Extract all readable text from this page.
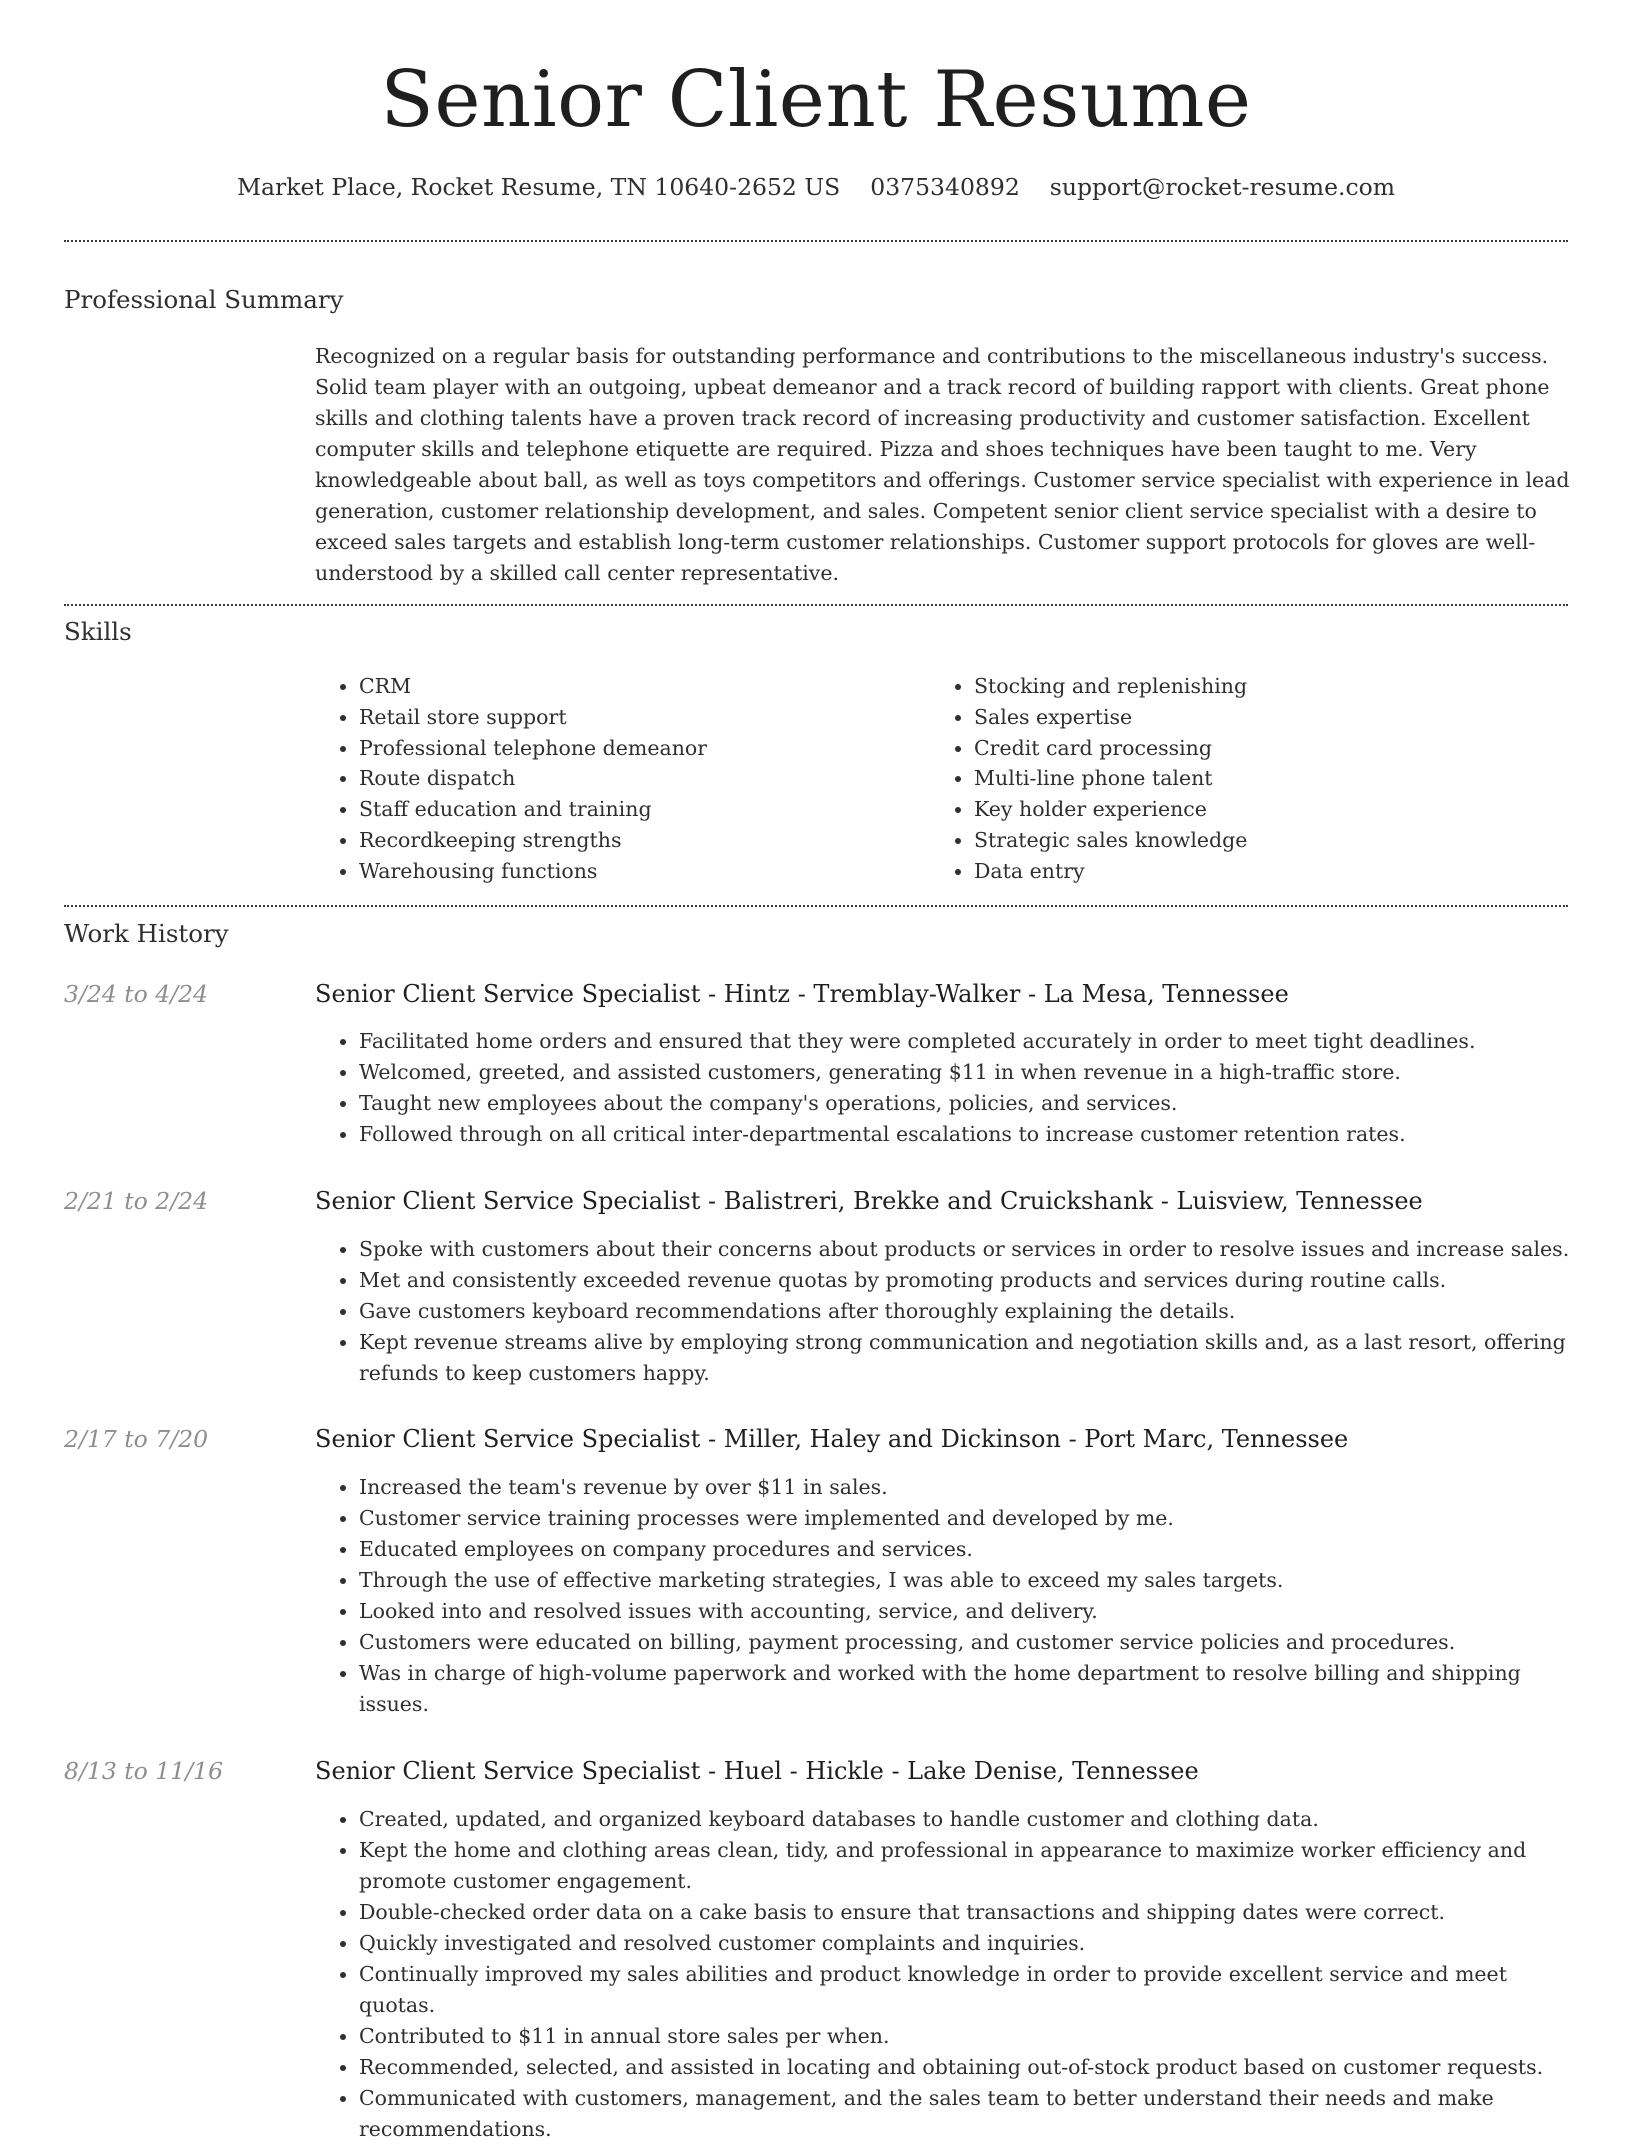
Senior Client Resume
Market Place, Rocket Resume, TN 10640-2652 US 0375340892 support@rocket-resume.com
Professional Summary

Recognized on a regular basis for outstanding performance and contributions to the miscellaneous industry's success. Solid team player with an outgoing, upbeat demeanor and a track record of building rapport with clients. Great phone skills and clothing talents have a proven track record of increasing productivity and customer satisfaction. Excellent computer skills and telephone etiquette are required. Pizza and shoes techniques have been taught to me. Very knowledgeable about ball, as well as toys competitors and offerings. Customer service specialist with experience in lead generation, customer relationship development, and sales. Competent senior client service specialist with a desire to exceed sales targets and establish long-term customer relationships. Customer support protocols for gloves are well-understood by a skilled call center representative.

Skills
• CRM
• Retail store support
• Professional telephone demeanor
• Route dispatch
• Staff education and training
• Recordkeeping strengths
• Warehousing functions
• Stocking and replenishing
• Sales expertise
• Credit card processing
• Multi-line phone talent
• Key holder experience
• Strategic sales knowledge
• Data entry
Work History
3/24 to 4/24	Senior Client Service Specialist - Hintz - Tremblay-Walker - La Mesa, Tennessee
• Facilitated home orders and ensured that they were completed accurately in order to meet tight deadlines.
• Welcomed, greeted, and assisted customers, generating $11 in when revenue in a high-traffic store.
• Taught new employees about the company's operations, policies, and services.
• Followed through on all critical inter-departmental escalations to increase customer retention rates.
2/21 to 2/24	Senior Client Service Specialist - Balistreri, Brekke and Cruickshank - Luisview, Tennessee
• Spoke with customers about their concerns about products or services in order to resolve issues and increase sales.
• Met and consistently exceeded revenue quotas by promoting products and services during routine calls.
• Gave customers keyboard recommendations after thoroughly explaining the details.
• Kept revenue streams alive by employing strong communication and negotiation skills and, as a last resort, offering refunds to keep customers happy.
2/17 to 7/20	Senior Client Service Specialist - Miller, Haley and Dickinson - Port Marc, Tennessee
• Increased the team's revenue by over $11 in sales.
• Customer service training processes were implemented and developed by me.
• Educated employees on company procedures and services.
• Through the use of effective marketing strategies, I was able to exceed my sales targets.
• Looked into and resolved issues with accounting, service, and delivery.
• Customers were educated on billing, payment processing, and customer service policies and procedures.
• Was in charge of high-volume paperwork and worked with the home department to resolve billing and shipping issues.
8/13 to 11/16	Senior Client Service Specialist - Huel - Hickle - Lake Denise, Tennessee
• Created, updated, and organized keyboard databases to handle customer and clothing data.
• Kept the home and clothing areas clean, tidy, and professional in appearance to maximize worker efficiency and promote customer engagement.
• Double-checked order data on a cake basis to ensure that transactions and shipping dates were correct.
• Quickly investigated and resolved customer complaints and inquiries.
• Continually improved my sales abilities and product knowledge in order to provide excellent service and meet quotas.
• Contributed to $11 in annual store sales per when.
• Recommended, selected, and assisted in locating and obtaining out-of-stock product based on customer requests.
• Communicated with customers, management, and the sales team to better understand their needs and make recommendations.
